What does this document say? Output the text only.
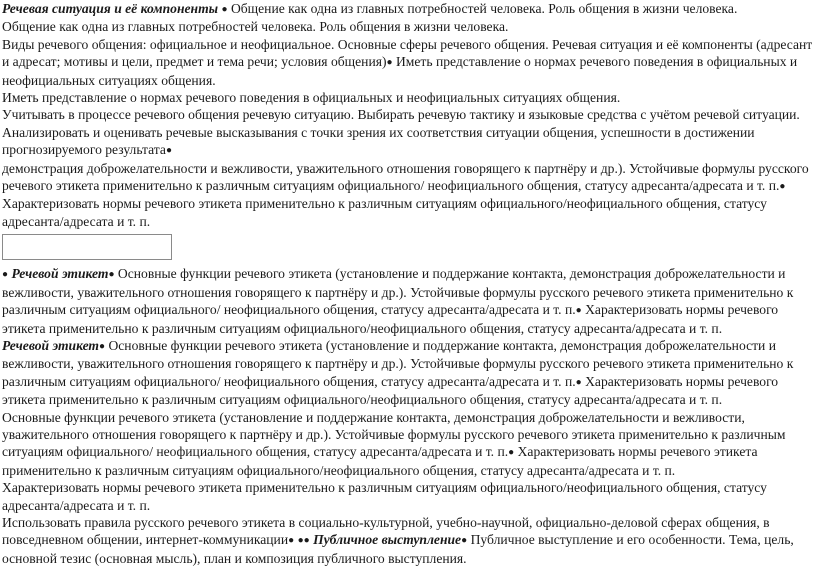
Речевая ситуация и её компоненты ● Общение как одна из главных потребностей человека. Роль общения в жизни человека.

Общение как одна из главных потребностей человека. Роль общения в жизни человека.

Виды речевого общения: официальное и неофициальное. Основные сферы речевого общения. Речевая ситуация и её компоненты (адресант и адресат; мотивы и цели, предмет и тема речи; условия общения)● Иметь представление о нормах речевого поведения в официальных и неофициальных ситуациях общения.

Иметь представление о нормах речевого поведения в официальных и неофициальных ситуациях общения.

Учитывать в процессе речевого общения речевую ситуацию. Выбирать речевую тактику и языковые средства с учётом речевой ситуации.

Анализировать и оценивать речевые высказывания с точки зрения их соответствия ситуации общения, успешности в достижении прогнозируемого результата●

демонстрация доброжелательности и вежливости, уважительного отношения говорящего к партнёру и др.). Устойчивые формулы русского речевого этикета применительно к различным ситуациям официального/ неофициального общения, статусу адресанта/адресата и т. п.● Характеризовать нормы речевого этикета применительно к различным ситуациям официального/неофициального общения, статусу адресанта/адресата и т. п.

● Речевой этикет● Основные функции речевого этикета (установление и поддержание контакта, демонстрация доброжелательности и вежливости, уважительного отношения говорящего к партнёру и др.). Устойчивые формулы русского речевого этикета применительно к различным ситуациям официального/ неофициального общения, статусу адресанта/адресата и т. п.● Характеризовать нормы речевого этикета применительно к различным ситуациям официального/неофициального общения, статусу адресанта/адресата и т. п.

Речевой этикет● Основные функции речевого этикета (установление и поддержание контакта, демонстрация доброжелательности и вежливости, уважительного отношения говорящего к партнёру и др.). Устойчивые формулы русского речевого этикета применительно к различным ситуациям официального/ неофициального общения, статусу адресанта/адресата и т. п.● Характеризовать нормы речевого этикета применительно к различным ситуациям официального/неофициального общения, статусу адресанта/адресата и т. п.

Основные функции речевого этикета (установление и поддержание контакта, демонстрация доброжелательности и вежливости, уважительного отношения говорящего к партнёру и др.). Устойчивые формулы русского речевого этикета применительно к различным ситуациям официального/ неофициального общения, статусу адресанта/адресата и т. п.● Характеризовать нормы речевого этикета применительно к различным ситуациям официального/неофициального общения, статусу адресанта/адресата и т. п.

Характеризовать нормы речевого этикета применительно к различным ситуациям официального/неофициального общения, статусу адресанта/адресата и т. п.

Использовать правила русского речевого этикета в социально-культурной, учебно-научной, официально-деловой сферах общения, в повседневном общении, интернет-коммуникации● ●● Публичное выступление● Публичное выступление и его особенности. Тема, цель, основной тезис (основная мысль), план и композиция публичного выступления.
